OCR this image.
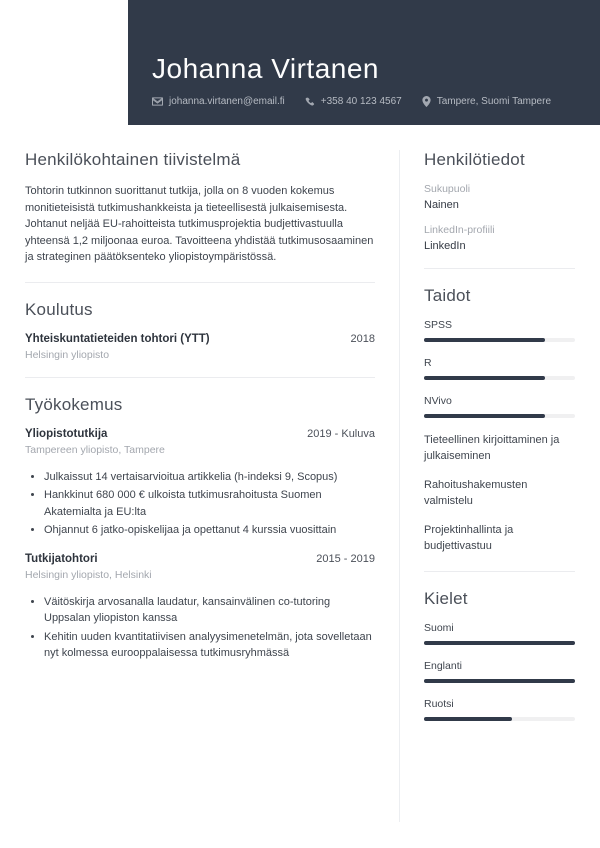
Johanna Virtanen
johanna.virtanen@email.fi	+358 40 123 4567	Tampere, Suomi Tampere
Henkilökohtainen tiivistelmä

Tohtorin tutkinnon suorittanut tutkija, jolla on 8 vuoden kokemus monitieteisistä tutkimushankkeista ja tieteellisestä julkaisemisesta. Johtanut neljää EU-rahoitteista tutkimusprojektia budjettivastuulla yhteensä 1,2 miljoonaa euroa. Tavoitteena yhdistää tutkimusosaaminen ja strateginen päätöksenteko yliopistoympäristössä.

Koulutus
Yhteiskuntatieteiden tohtori (YTT)	2018
Helsingin yliopisto
Työkokemus
Yliopistotutkija	2019 - Kuluva
Tampereen yliopisto, Tampere
• Julkaissut 14 vertaisarvioitua artikkelia (h-indeksi 9, Scopus)
• Hankkinut 680 000 € ulkoista tutkimusrahoitusta Suomen Akatemialta ja EU:lta
• Ohjannut 6 jatko-opiskelijaa ja opettanut 4 kurssia vuosittain
Tutkijatohtori	2015 - 2019
Helsingin yliopisto, Helsinki
• Väitöskirja arvosanalla laudatur, kansainvälinen co-tutoring Uppsalan yliopiston kanssa
• Kehitin uuden kvantitatiivisen analyysimenetelmän, jota sovelletaan nyt kolmessa eurooppalaisessa tutkimusryhmässä
Henkilötiedot
Sukupuoli
Nainen
LinkedIn-profiili
LinkedIn
Taidot
SPSS
R
NVivo
Tieteellinen kirjoittaminen ja julkaiseminen
Rahoitushakemusten valmistelu
Projektinhallinta ja budjettivastuu
Kielet
Suomi
Englanti
Ruotsi
